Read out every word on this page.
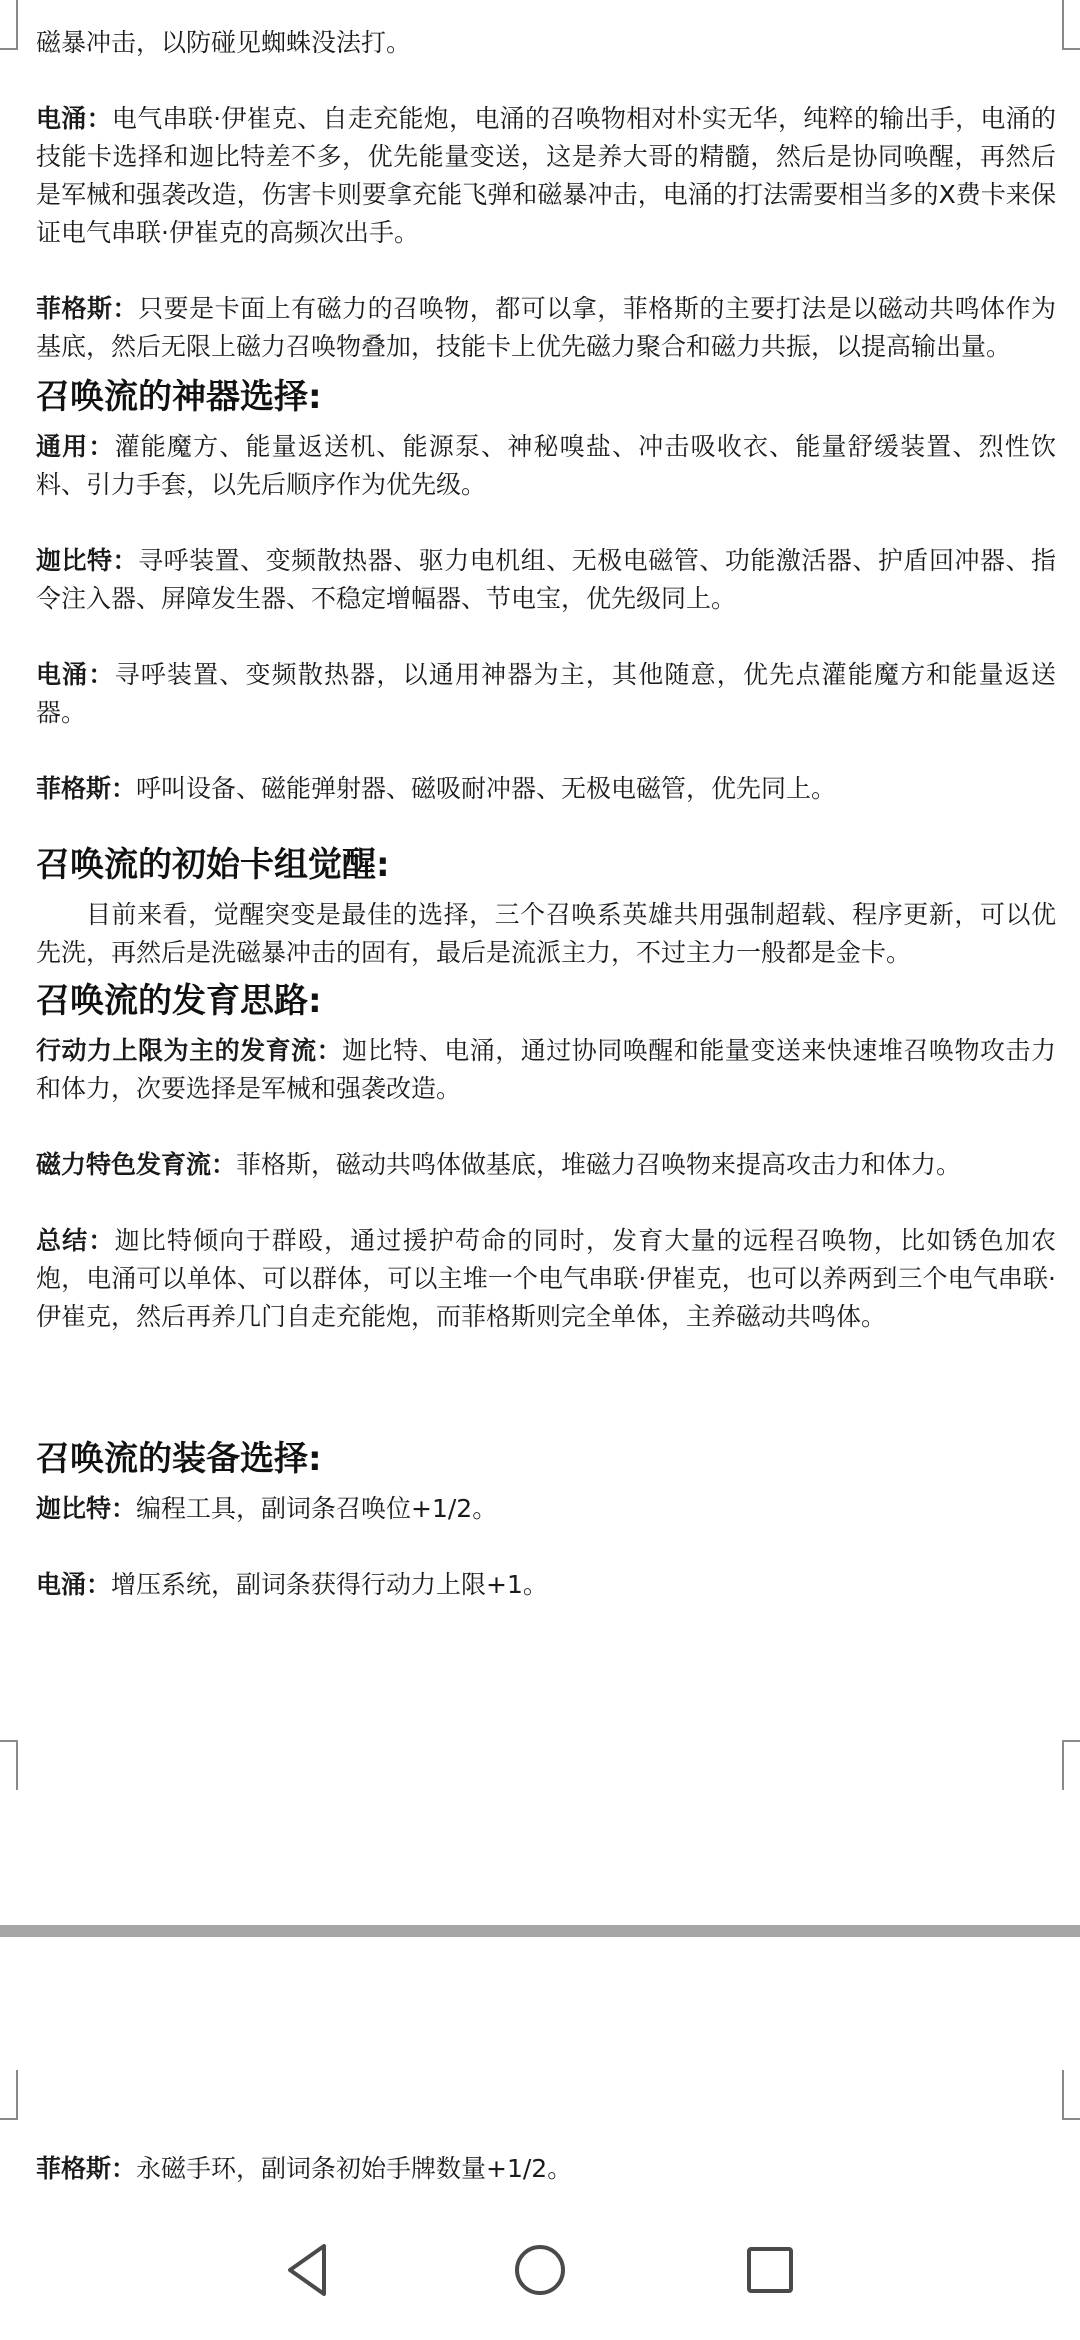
磁暴冲击，以防碰见蜘蛛没法打。

电涌：电气串联·伊崔克、自走充能炮，电涌的召唤物相对朴实无华，纯粹的输出手，电涌的技能卡选择和迦比特差不多，优先能量变送，这是养大哥的精髓，然后是协同唤醒，再然后是军械和强袭改造，伤害卡则要拿充能飞弹和磁暴冲击，电涌的打法需要相当多的X费卡来保证电气串联·伊崔克的高频次出手。

菲格斯：只要是卡面上有磁力的召唤物，都可以拿，菲格斯的主要打法是以磁动共鸣体作为基底，然后无限上磁力召唤物叠加，技能卡上优先磁力聚合和磁力共振，以提高输出量。

召唤流的神器选择:

通用：灌能魔方、能量返送机、能源泵、神秘嗅盐、冲击吸收衣、能量舒缓装置、烈性饮料、引力手套，以先后顺序作为优先级。

迦比特：寻呼装置、变频散热器、驱力电机组、无极电磁管、功能激活器、护盾回冲器、指令注入器、屏障发生器、不稳定增幅器、节电宝，优先级同上。

电涌：寻呼装置、变频散热器，以通用神器为主，其他随意，优先点灌能魔方和能量返送器。

菲格斯：呼叫设备、磁能弹射器、磁吸耐冲器、无极电磁管，优先同上。

召唤流的初始卡组觉醒:

目前来看，觉醒突变是最佳的选择，三个召唤系英雄共用强制超载、程序更新，可以优先洗，再然后是洗磁暴冲击的固有，最后是流派主力，不过主力一般都是金卡。

召唤流的发育思路:

行动力上限为主的发育流：迦比特、电涌，通过协同唤醒和能量变送来快速堆召唤物攻击力和体力，次要选择是军械和强袭改造。

磁力特色发育流：菲格斯，磁动共鸣体做基底，堆磁力召唤物来提高攻击力和体力。

总结：迦比特倾向于群殴，通过援护苟命的同时，发育大量的远程召唤物，比如锈色加农炮，电涌可以单体、可以群体，可以主堆一个电气串联·伊崔克，也可以养两到三个电气串联·伊崔克，然后再养几门自走充能炮，而菲格斯则完全单体，主养磁动共鸣体。

召唤流的装备选择:

迦比特：编程工具，副词条召唤位+1/2。

电涌：增压系统，副词条获得行动力上限+1。

菲格斯：永磁手环，副词条初始手牌数量+1/2。
